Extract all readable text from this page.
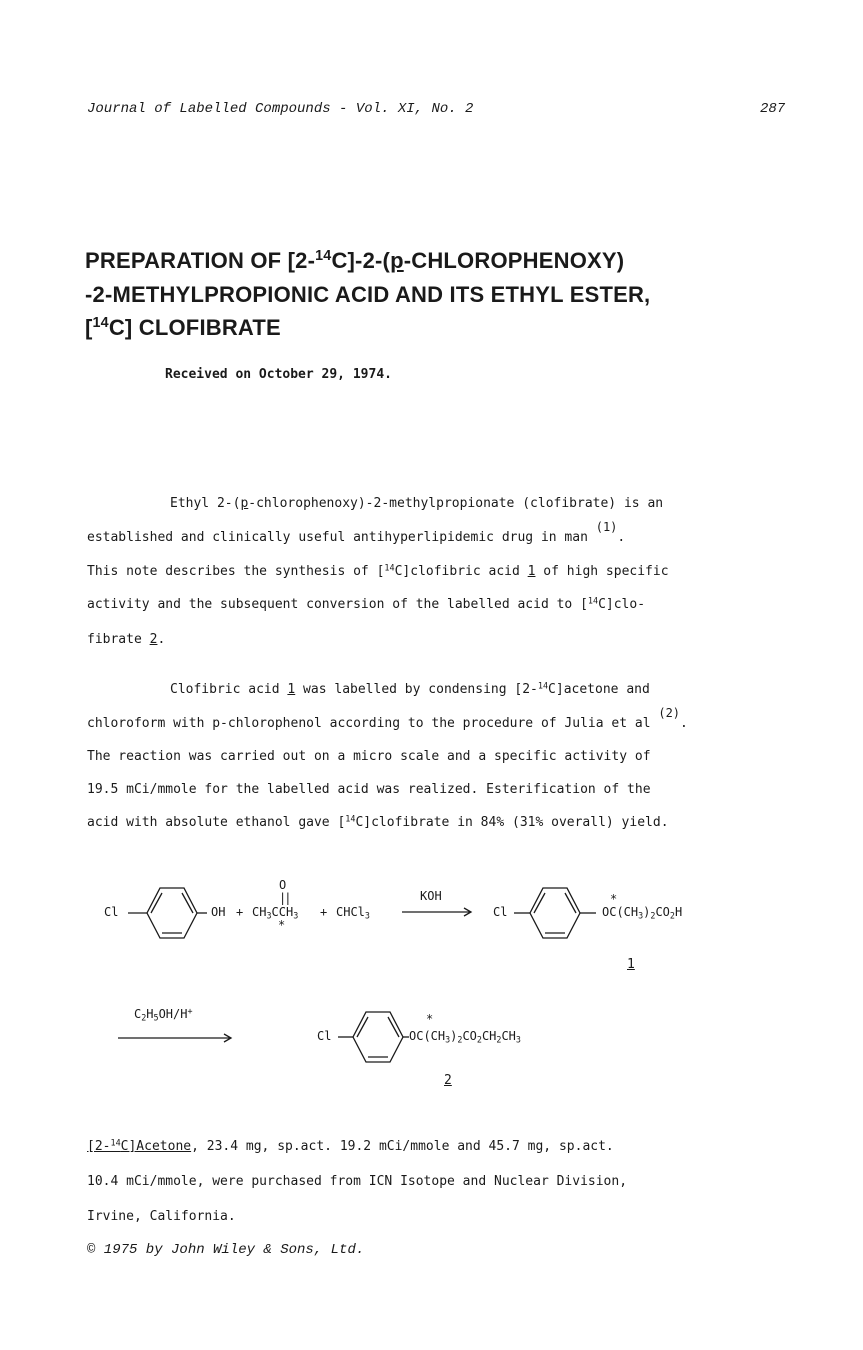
Journal of Labelled Compounds - Vol. XI, No. 2	287
PREPARATION OF [2-$^{14}$C]-2-(p-CHLOROPHENOXY)
-2-METHYLPROPIONIC ACID AND ITS ETHYL ESTER,
[$^{14}$C] CLOFIBRATE
Received on October 29, 1974.
Ethyl 2-(p-chlorophenoxy)-2-methylpropionate (clofibrate) is an
established and clinically useful antihyperlipidemic drug in man (1).
This note describes the synthesis of [$^{14}$C]clofibric acid 1 of high specific
activity and the subsequent conversion of the labelled acid to [$^{14}$C]clo-
fibrate 2.
Clofibric acid 1 was labelled by condensing [2-$^{14}$C]acetone and
chloroform with p-chlorophenol according to the procedure of Julia et al (2).
The reaction was carried out on a micro scale and a specific activity of
19.5 mCi/mmole for the labelled acid was realized. Esterification of the
acid with absolute ethanol gave [$^{14}$C]clofibrate in 84% (31% overall) yield.
Cl	OH +
O
||
$CH_3CCH_3$
*
+ CHCl$_3$
KOH
Cl
*
$OC(CH_3)_2CO_2H$
1
$C_2H_5OH/H^+$
Cl
*
$OC(CH_3)_2CO_2CH_2CH_3$
2
[2-$^{14}$C]Acetone, 23.4 mg, sp.act. 19.2 mCi/mmole and 45.7 mg, sp.act.
10.4 mCi/mmole, were purchased from ICN Isotope and Nuclear Division,
Irvine, California.
© 1975 by John Wiley & Sons, Ltd.
